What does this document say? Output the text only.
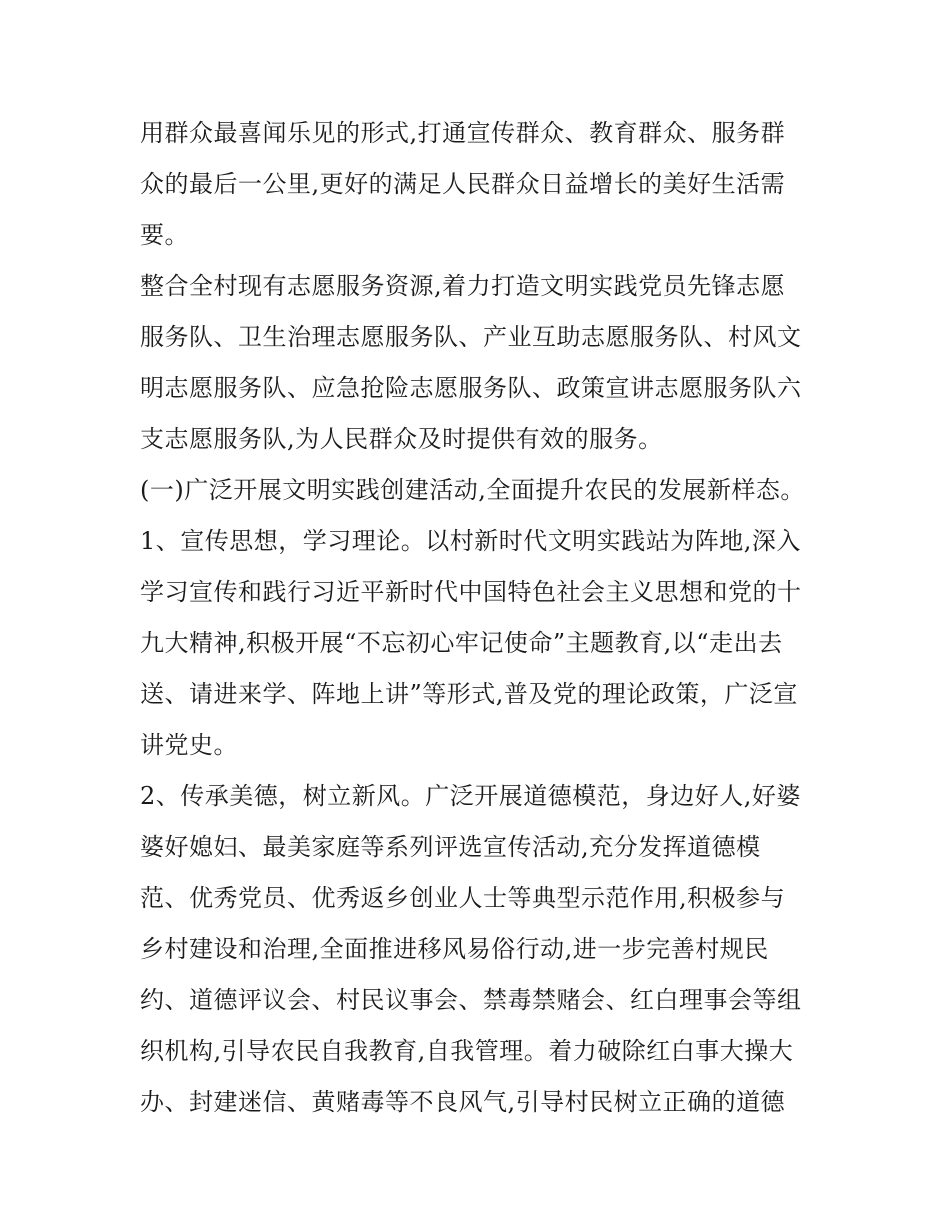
用群众最喜闻乐见的形式,打通宣传群众、教育群众、服务群
众的最后一公里,更好的满足人民群众日益增长的美好生活需
要。
整合全村现有志愿服务资源,着力打造文明实践党员先锋志愿
服务队、卫生治理志愿服务队、产业互助志愿服务队、村风文
明志愿服务队、应急抢险志愿服务队、政策宣讲志愿服务队六
支志愿服务队,为人民群众及时提供有效的服务。
(一)广泛开展文明实践创建活动,全面提升农民的发展新样态。
1、宣传思想，学习理论。以村新时代文明实践站为阵地,深入
学习宣传和践行习近平新时代中国特色社会主义思想和党的十
九大精神,积极开展“不忘初心牢记使命”主题教育,以“走出去
送、请进来学、阵地上讲”等形式,普及党的理论政策，广泛宣
讲党史。
2、传承美德，树立新风。广泛开展道德模范，身边好人,好婆
婆好媳妇、最美家庭等系列评选宣传活动,充分发挥道德模
范、优秀党员、优秀返乡创业人士等典型示范作用,积极参与
乡村建设和治理,全面推进移风易俗行动,进一步完善村规民
约、道德评议会、村民议事会、禁毒禁赌会、红白理事会等组
织机构,引导农民自我教育,自我管理。着力破除红白事大操大
办、封建迷信、黄赌毒等不良风气,引导村民树立正确的道德
